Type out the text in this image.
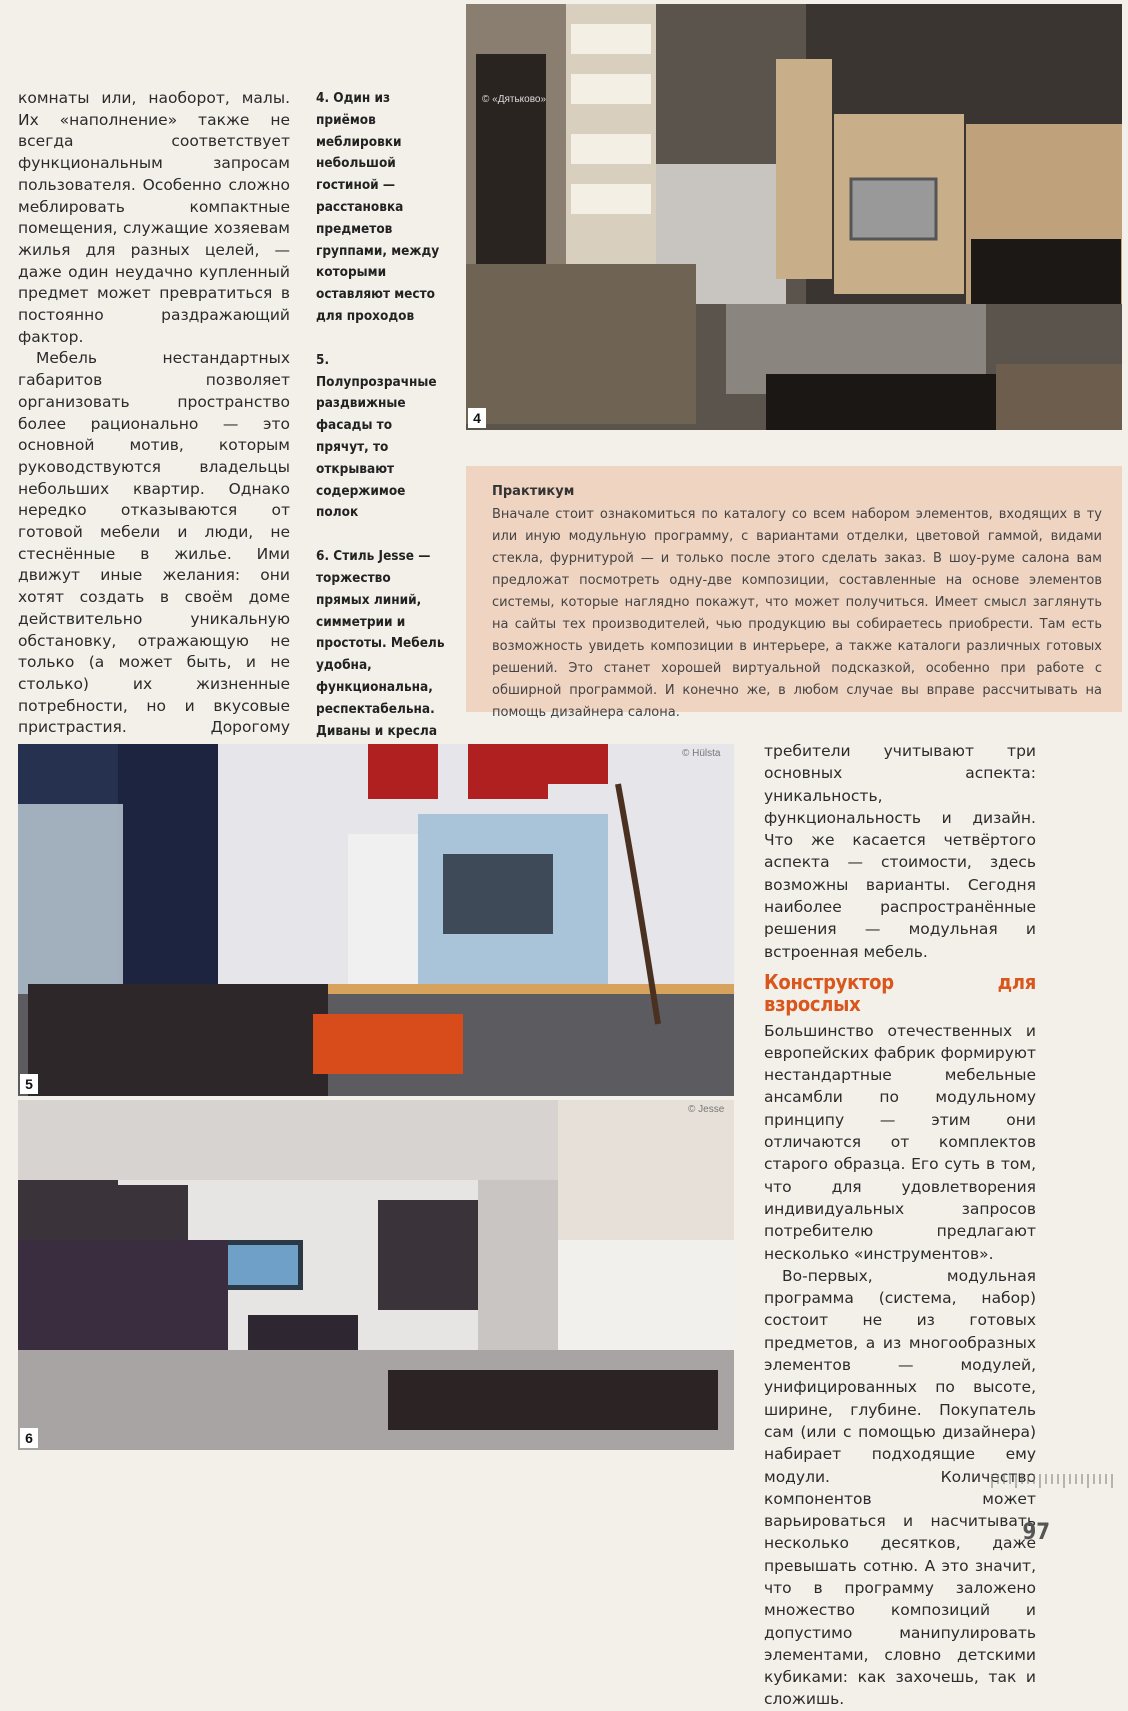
комнаты или, наоборот, малы. Их «наполнение» также не всегда соответствует функциональным запросам пользователя. Особенно сложно меблировать компактные помещения, служащие хозяевам жилья для разных целей, — даже один неудачно купленный предмет может превратиться в постоянно раздражающий фактор.

Мебель нестандартных габаритов позволяет организовать пространство более рационально — это основной мотив, которым руководствуются владельцы небольших квартир. Однако нередко отказываются от готовой мебели и люди, не стеснённые в жилье. Ими движут иные желания: они хотят создать в своём доме действительно уникальную обстановку, отражающую не только (а может быть, и не столько) их жизненные потребности, но и вкусовые пристрастия. Дорогому

4. Один из приёмов меблировки небольшой гостиной — расстановка предметов группами, между которыми оставляют место для проходов

5. Полупрозрачные раздвижные фасады то прячут, то открывают содержимое полок

6. Стиль Jesse — торжество прямых линий, симметрии и простоты. Мебель удобна, функциональна, респектабельна. Диваны и кресла

© «Дятьково»
4
Практикум
Вначале стоит ознакомиться по каталогу со всем набором элементов, входящих в ту или иную модульную программу, с вариантами отделки, цветовой гаммой, видами стекла, фурнитурой — и только после этого сделать заказ. В шоу-руме салона вам предложат посмотреть одну-две композиции, составленные на основе элементов системы, которые наглядно покажут, что может получиться. Имеет смысл заглянуть на сайты тех производителей, чью продукцию вы собираетесь приобрести. Там есть возможность увидеть композиции в интерьере, а также каталоги различных готовых решений. Это станет хорошей виртуальной подсказкой, особенно при работе с обширной программой. И конечно же, в любом случае вы вправе рассчитывать на помощь дизайнера салона.
© Hülsta
5
© Jesse
6

требители учитывают три основных аспекта: уникальность, функциональность и дизайн. Что же касается четвёртого аспекта — стоимости, здесь возможны варианты. Сегодня наиболее распространённые решения — модульная и встроенная мебель.

Конструктор для взрослых

Большинство отечественных и европейских фабрик формируют нестандартные мебельные ансамбли по модульному принципу — этим они отличаются от комплектов старого образца. Его суть в том, что для удовлетворения индивидуальных запросов потребителю предлагают несколько «инструментов».

Во-первых, модульная программа (система, набор) состоит не из готовых предметов, а из многообразных элементов — модулей, унифицированных по высоте, ширине, глубине. Покупатель сам (или с помощью дизайнера) набирает подходящие ему модули. Количество компонентов может варьироваться и насчитывать несколько десятков, даже превышать сотню. А это значит, что в программу заложено множество композиций и допустимо манипулировать элементами, словно детскими кубиками: как захочешь, так и сложишь.

97
